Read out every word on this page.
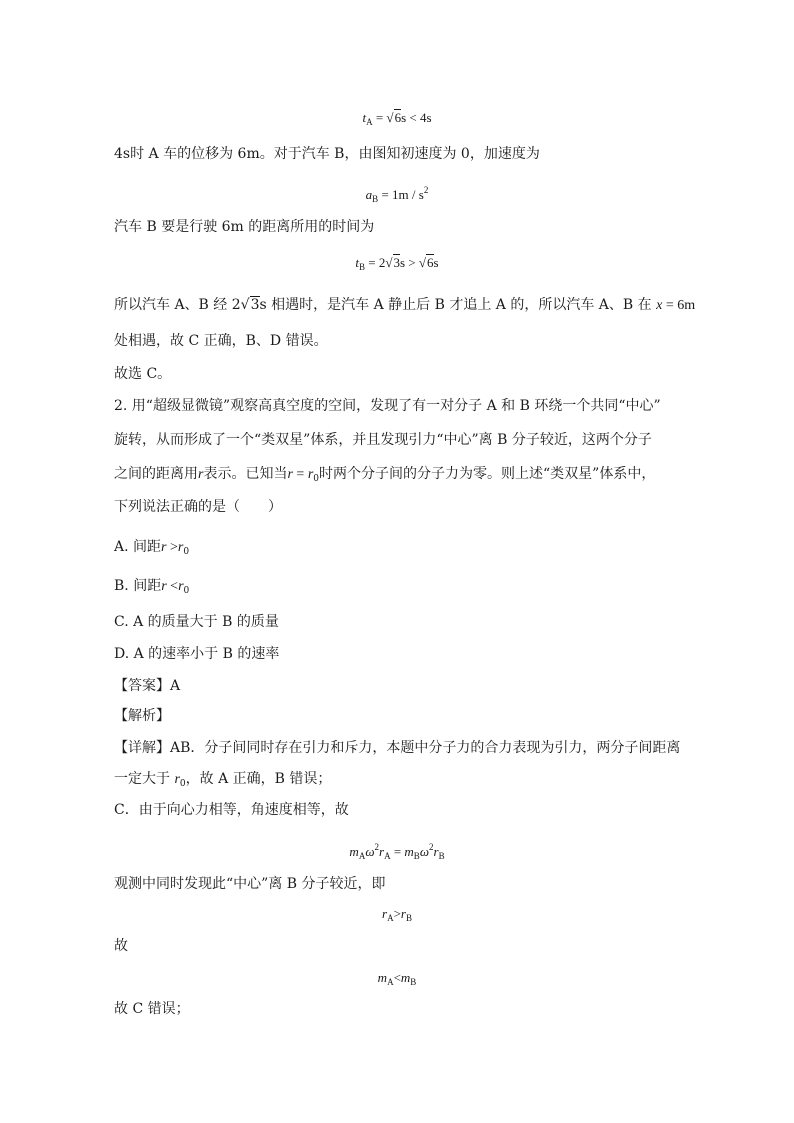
$t_A = √6s < 4s$
4s时 A 车的位移为 6m。对于汽车 B，由图知初速度为 0，加速度为
$a_B = 1m / s^2$
汽车 B 要是行驶 6m 的距离所用的时间为
$t_B = 2√3s > √6s$
所以汽车 A、B 经 2√3s 相遇时，是汽车 A 静止后 B 才追上 A 的，所以汽车 A、B 在 x = 6m
处相遇，故 C 正确，B、D 错误。
故选 C。
2. 用“超级显微镜”观察高真空度的空间，发现了有一对分子 A 和 B 环绕一个共同“中心”
旋转，从而形成了一个“类双星”体系，并且发现引力“中心”离 B 分子较近，这两个分子
之间的距离用r表示。已知当$r = r_0$时两个分子间的分子力为零。则上述“类双星”体系中，
下列说法正确的是（　　）
A. 间距$r >r_0$
B. 间距$r <r_0$
C. A 的质量大于 B 的质量
D. A 的速率小于 B 的速率
【答案】A
【解析】
【详解】AB．分子间同时存在引力和斥力，本题中分子力的合力表现为引力，两分子间距离
一定大于 $r_0$，故 A 正确，B 错误；
C．由于向心力相等，角速度相等，故
$m_A\omega^2r_A = m_B\omega^2r_B$
观测中同时发现此“中心”离 B 分子较近，即
$r_A>r_B$
故
$m_A<m_B$
故 C 错误；
